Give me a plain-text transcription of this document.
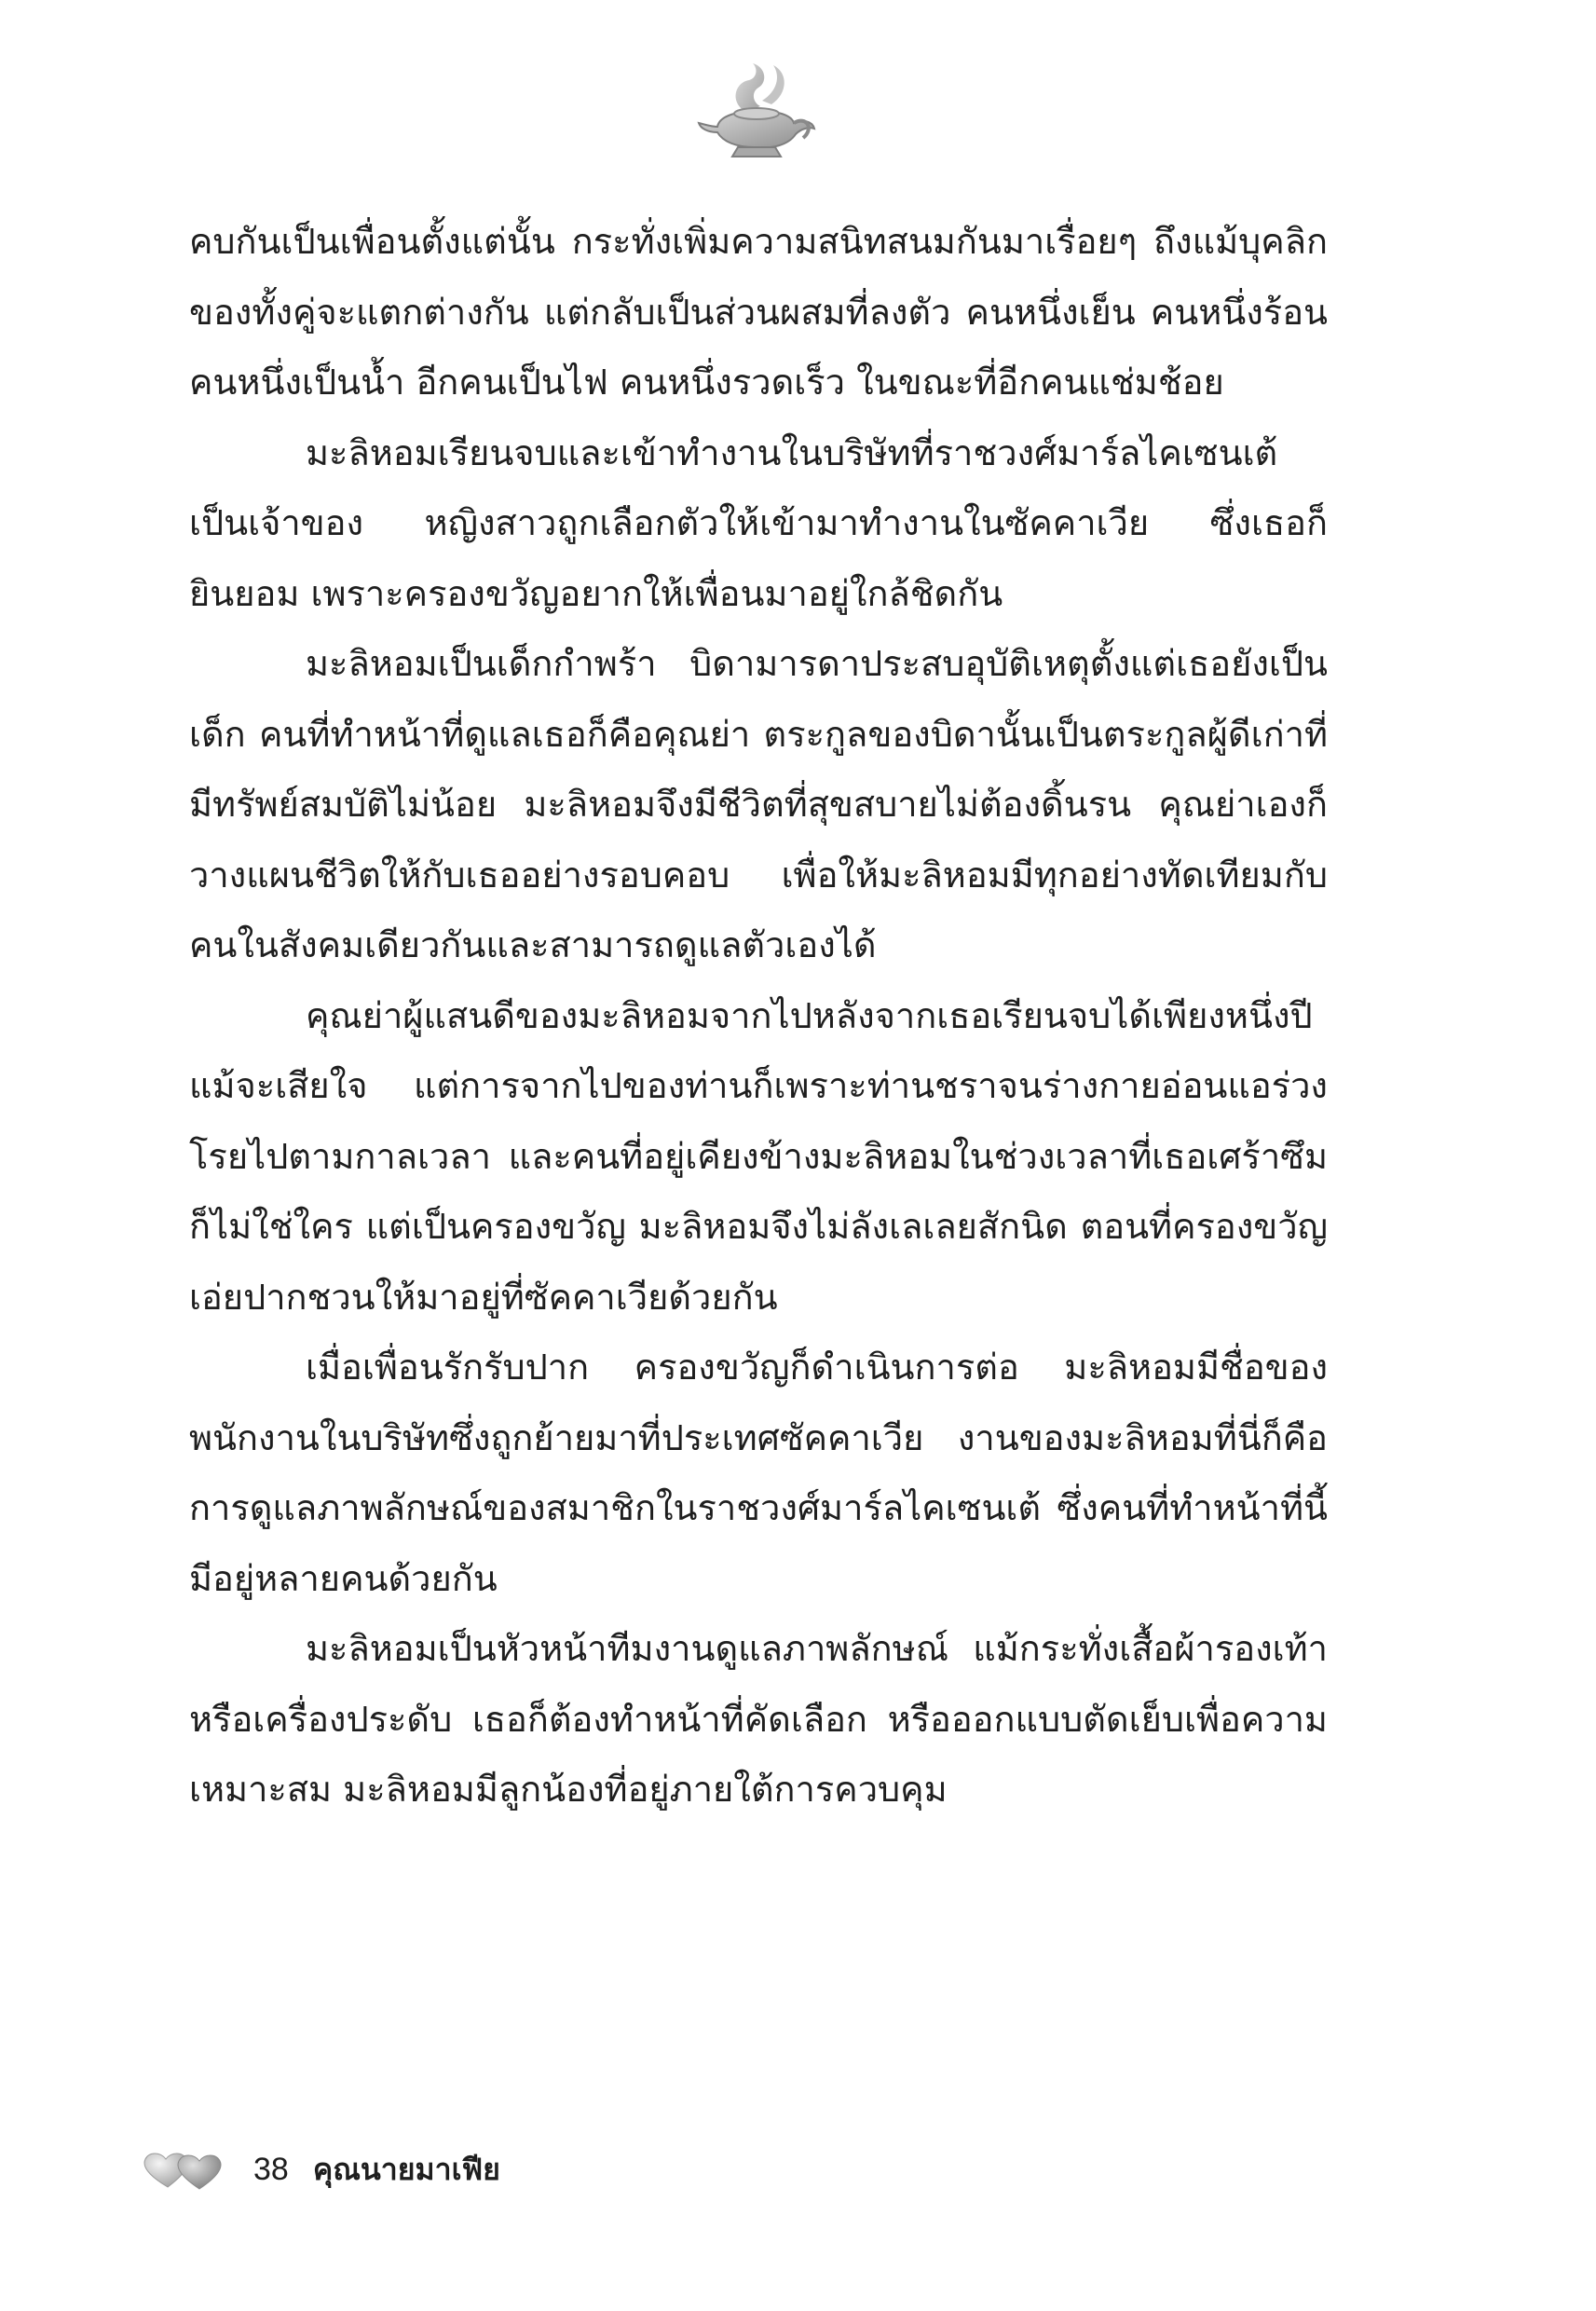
คบกันเป็นเพื่อนตั้งแต่นั้น กระทั่งเพิ่มความสนิทสนมกันมาเรื่อยๆ ถึงแม้บุคลิกของทั้งคู่จะแตกต่างกัน แต่กลับเป็นส่วนผสมที่ลงตัว คนหนึ่งเย็น คนหนึ่งร้อน คนหนึ่งเป็นน้ำ อีกคนเป็นไฟ คนหนึ่งรวดเร็ว ในขณะที่อีกคนแช่มช้อย

มะลิหอมเรียนจบและเข้าทำงานในบริษัทที่ราชวงศ์มาร์ลไคเซนเต้เป็นเจ้าของ หญิงสาวถูกเลือกตัวให้เข้ามาทำงานในซัคคาเวีย ซึ่งเธอก็ยินยอม เพราะครองขวัญอยากให้เพื่อนมาอยู่ใกล้ชิดกัน

มะลิหอมเป็นเด็กกำพร้า บิดามารดาประสบอุบัติเหตุตั้งแต่เธอยังเป็นเด็ก คนที่ทำหน้าที่ดูแลเธอก็คือคุณย่า ตระกูลของบิดานั้นเป็นตระกูลผู้ดีเก่าที่มีทรัพย์สมบัติไม่น้อย มะลิหอมจึงมีชีวิตที่สุขสบายไม่ต้องดิ้นรน คุณย่าเองก็วางแผนชีวิตให้กับเธออย่างรอบคอบ เพื่อให้มะลิหอมมีทุกอย่างทัดเทียมกับคนในสังคมเดียวกันและสามารถดูแลตัวเองได้

คุณย่าผู้แสนดีของมะลิหอมจากไปหลังจากเธอเรียนจบได้เพียงหนึ่งปี แม้จะเสียใจ แต่การจากไปของท่านก็เพราะท่านชราจนร่างกายอ่อนแอร่วงโรยไปตามกาลเวลา และคนที่อยู่เคียงข้างมะลิหอมในช่วงเวลาที่เธอเศร้าซึมก็ไม่ใช่ใคร แต่เป็นครองขวัญ มะลิหอมจึงไม่ลังเลเลยสักนิด ตอนที่ครองขวัญเอ่ยปากชวนให้มาอยู่ที่ซัคคาเวียด้วยกัน

เมื่อเพื่อนรักรับปาก ครองขวัญก็ดำเนินการต่อ มะลิหอมมีชื่อของพนักงานในบริษัทซึ่งถูกย้ายมาที่ประเทศซัคคาเวีย งานของมะลิหอมที่นี่ก็คือการดูแลภาพลักษณ์ของสมาชิกในราชวงศ์มาร์ลไคเซนเต้ ซึ่งคนที่ทำหน้าที่นี้มีอยู่หลายคนด้วยกัน

มะลิหอมเป็นหัวหน้าทีมงานดูแลภาพลักษณ์ แม้กระทั่งเสื้อผ้ารองเท้า หรือเครื่องประดับ เธอก็ต้องทำหน้าที่คัดเลือก หรือออกแบบตัดเย็บเพื่อความเหมาะสม มะลิหอมมีลูกน้องที่อยู่ภายใต้การควบคุม

38 คุณนายมาเฟีย
